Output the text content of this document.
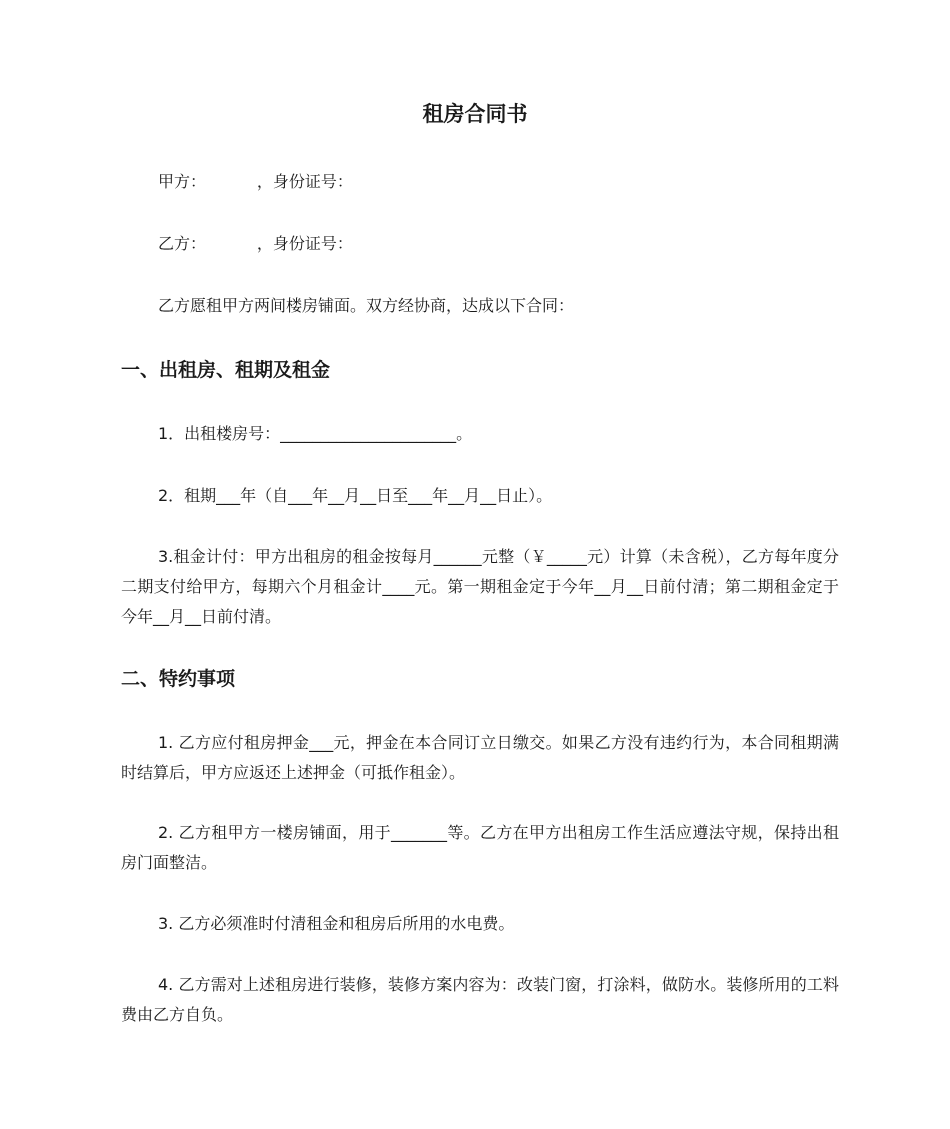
租房合同书
甲方：          ，身份证号：
乙方：          ，身份证号：
乙方愿租甲方两间楼房铺面。双方经协商，达成以下合同：
一、出租房、租期及租金
1．出租楼房号：______________________。
2．租期___年（自___年__月__日至___年__月__日止）。
3.租金计付：甲方出租房的租金按每月______元整（￥_____元）计算（未含税），乙方每年度分二期支付给甲方，每期六个月租金计____元。第一期租金定于今年__月__日前付清；第二期租金定于今年__月__日前付清。
二、特约事项
1. 乙方应付租房押金___元，押金在本合同订立日缴交。如果乙方没有违约行为，本合同租期满时结算后，甲方应返还上述押金（可抵作租金）。
2. 乙方租甲方一楼房铺面，用于_______等。乙方在甲方出租房工作生活应遵法守规，保持出租房门面整洁。
3. 乙方必须准时付清租金和租房后所用的水电费。
4. 乙方需对上述租房进行装修，装修方案内容为：改装门窗，打涂料，做防水。装修所用的工料费由乙方自负。
